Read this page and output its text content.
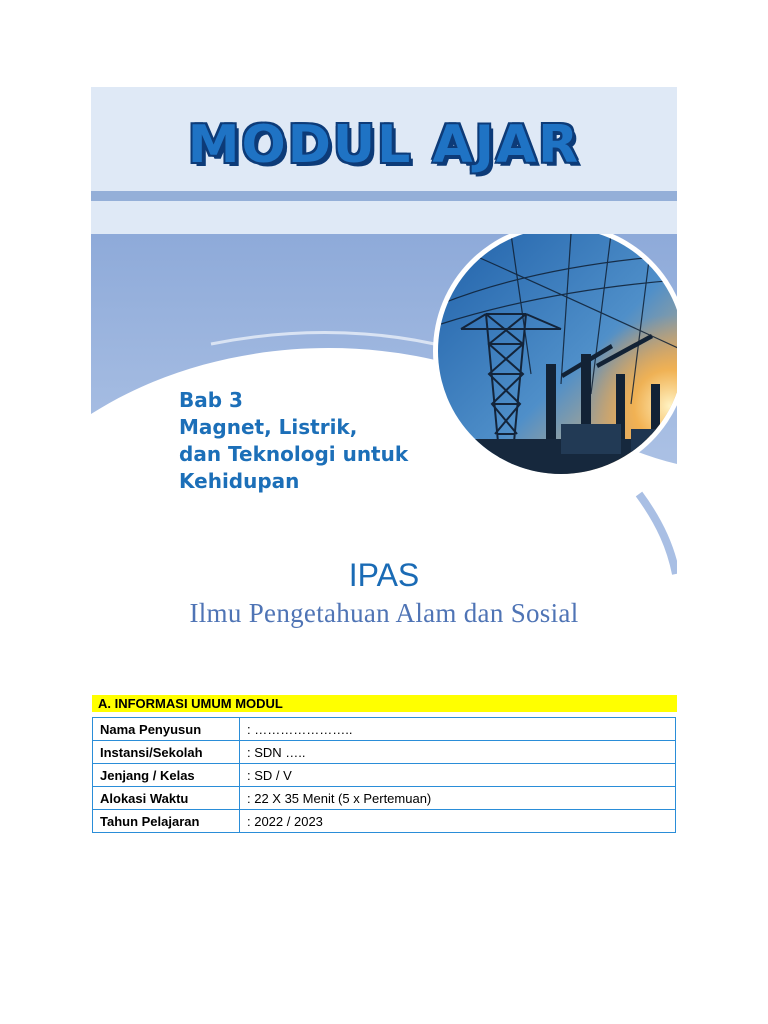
MODUL AJAR
Bab 3
Magnet, Listrik,
dan Teknologi untuk
Kehidupan
IPAS
Ilmu Pengetahuan Alam dan Sosial
A. INFORMASI UMUM MODUL
Nama Penyusun	: …………………..
Instansi/Sekolah	: SDN …..
Jenjang / Kelas	: SD / V
Alokasi Waktu	: 22 X 35 Menit (5 x Pertemuan)
Tahun Pelajaran	: 2022 / 2023
